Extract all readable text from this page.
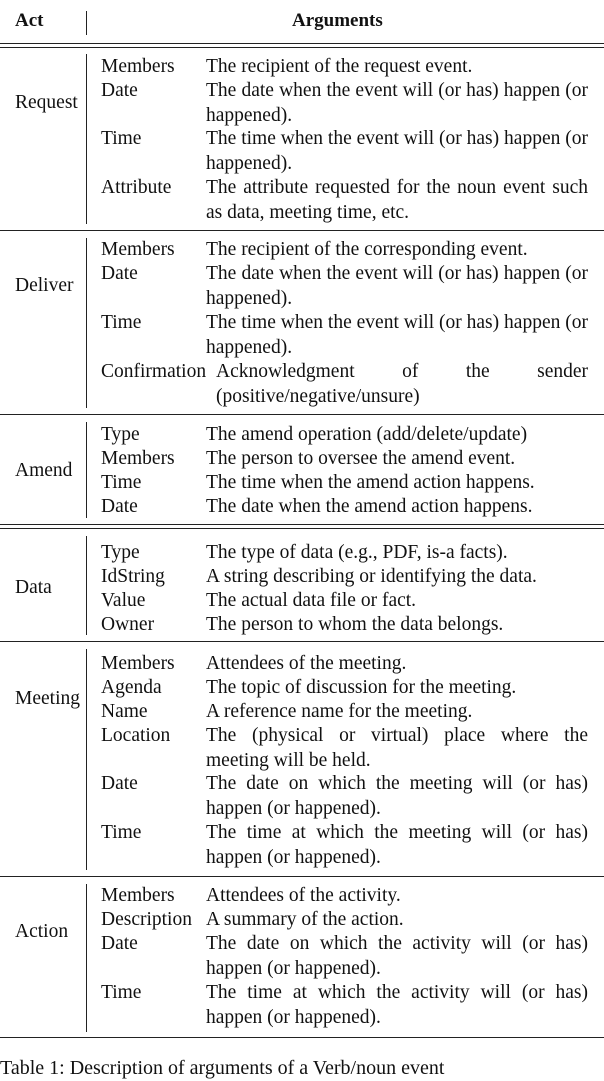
Act	Arguments
Request
Members The recipient of the request event.
Date	The date when the event will (or has) happen (or happened).
Time	The time when the event will (or has) happen (or happened).
Attribute The attribute requested for the noun event such as data, meeting time, etc.
Deliver
Members The recipient of the corresponding event.
Date	The date when the event will (or has) happen (or happened).
Time	The time when the event will (or has) happen (or happened).
Confirmation Acknowledgment of the sender (positive/negative/unsure)
Amend
Type	The amend operation (add/delete/update)
Members The person to oversee the amend event.
Time	The time when the amend action happens.
Date	The date when the amend action happens.
Data
Type	The type of data (e.g., PDF, is-a facts).
IdString A string describing or identifying the data.
Value	The actual data file or fact.
Owner	The person to whom the data belongs.
Meeting
Members Attendees of the meeting.
Agenda The topic of discussion for the meeting.
Name	A reference name for the meeting.
Location The (physical or virtual) place where the meeting will be held.
Date	The date on which the meeting will (or has) happen (or happened).
Time	The time at which the meeting will (or has) happen (or happened).
Action
Members Attendees of the activity.
Description A summary of the action.
Date	The date on which the activity will (or has) happen (or happened).
Time	The time at which the activity will (or has) happen (or happened).
Table 1: Description of arguments of a Verb/noun event
